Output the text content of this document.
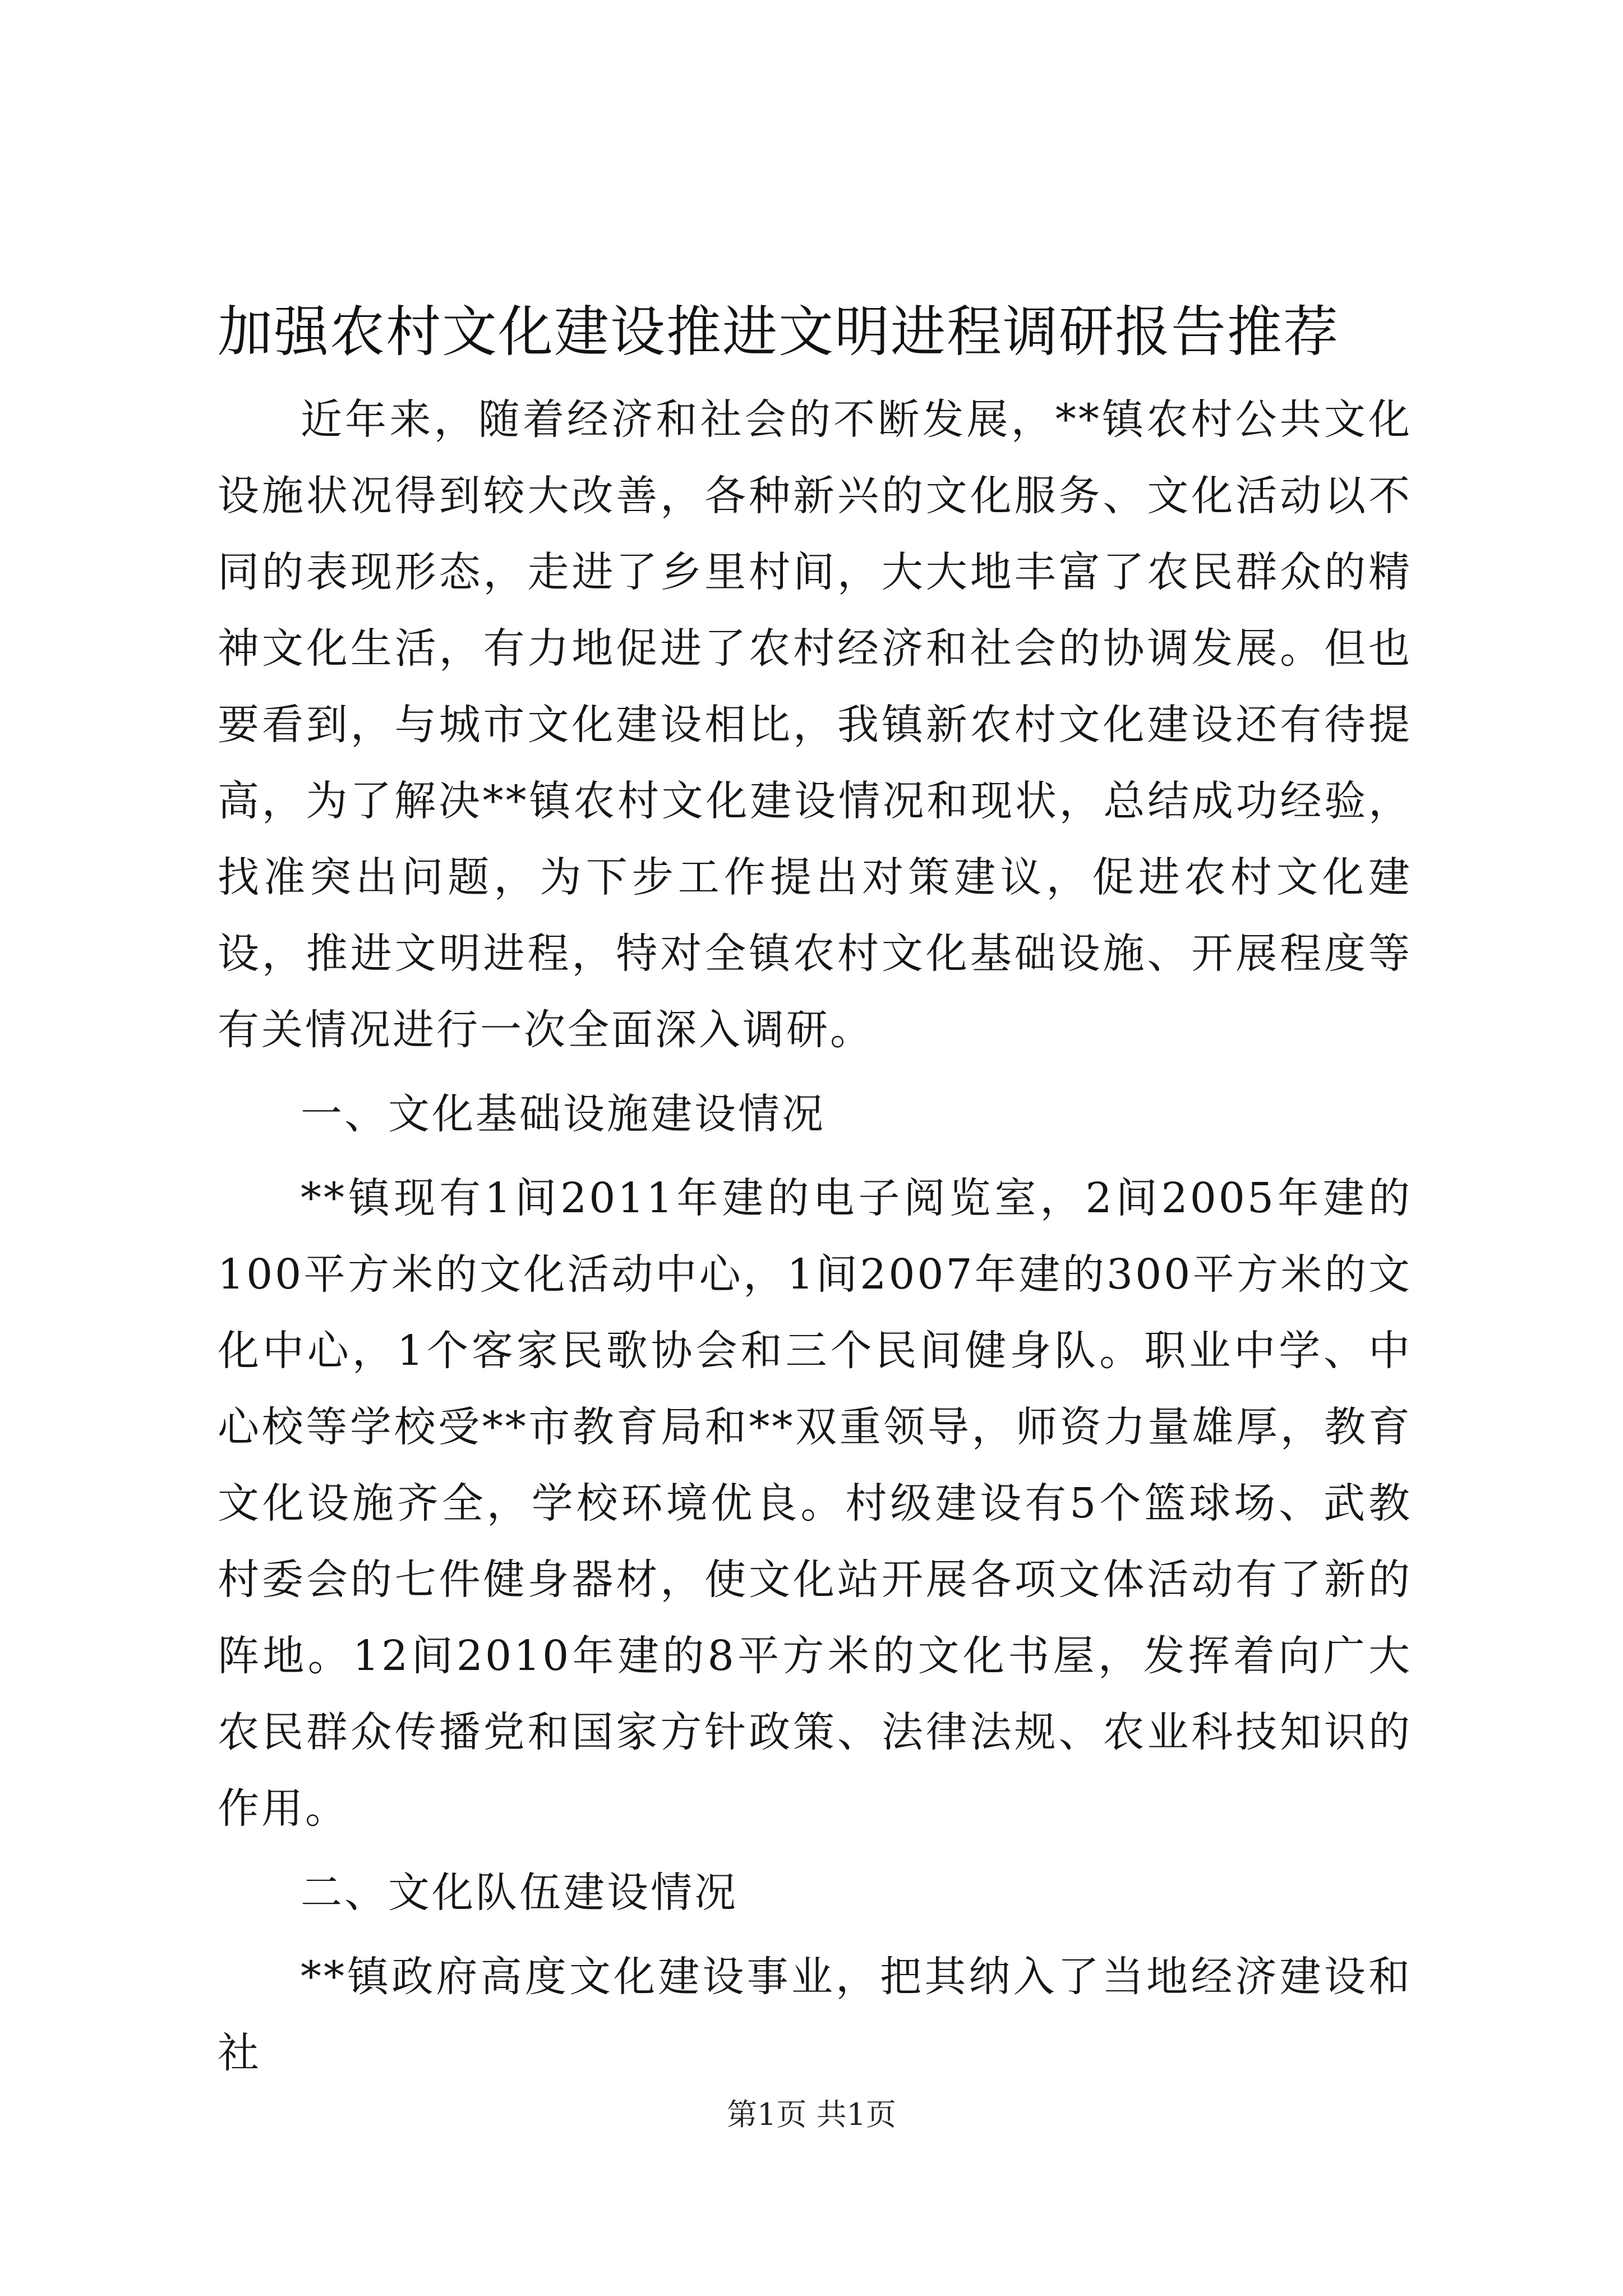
加强农村文化建设推进文明进程调研报告推荐

近年来，随着经济和社会的不断发展，**镇农村公共文化设施状况得到较大改善，各种新兴的文化服务、文化活动以不同的表现形态，走进了乡里村间，大大地丰富了农民群众的精神文化生活，有力地促进了农村经济和社会的协调发展。但也要看到，与城市文化建设相比，我镇新农村文化建设还有待提高，为了解决**镇农村文化建设情况和现状，总结成功经验，找准突出问题，为下步工作提出对策建议，促进农村文化建设，推进文明进程，特对全镇农村文化基础设施、开展程度等有关情况进行一次全面深入调研。

一、文化基础设施建设情况

**镇现有1间2011年建的电子阅览室，2间2005年建的100平方米的文化活动中心，1间2007年建的300平方米的文化中心，1个客家民歌协会和三个民间健身队。职业中学、中心校等学校受**市教育局和**双重领导，师资力量雄厚，教育文化设施齐全，学校环境优良。村级建设有5个篮球场、武教村委会的七件健身器材，使文化站开展各项文体活动有了新的阵地。12间2010年建的8平方米的文化书屋，发挥着向广大农民群众传播党和国家方针政策、法律法规、农业科技知识的作用。

二、文化队伍建设情况

**镇政府高度文化建设事业，把其纳入了当地经济建设和社

第1页 共1页
